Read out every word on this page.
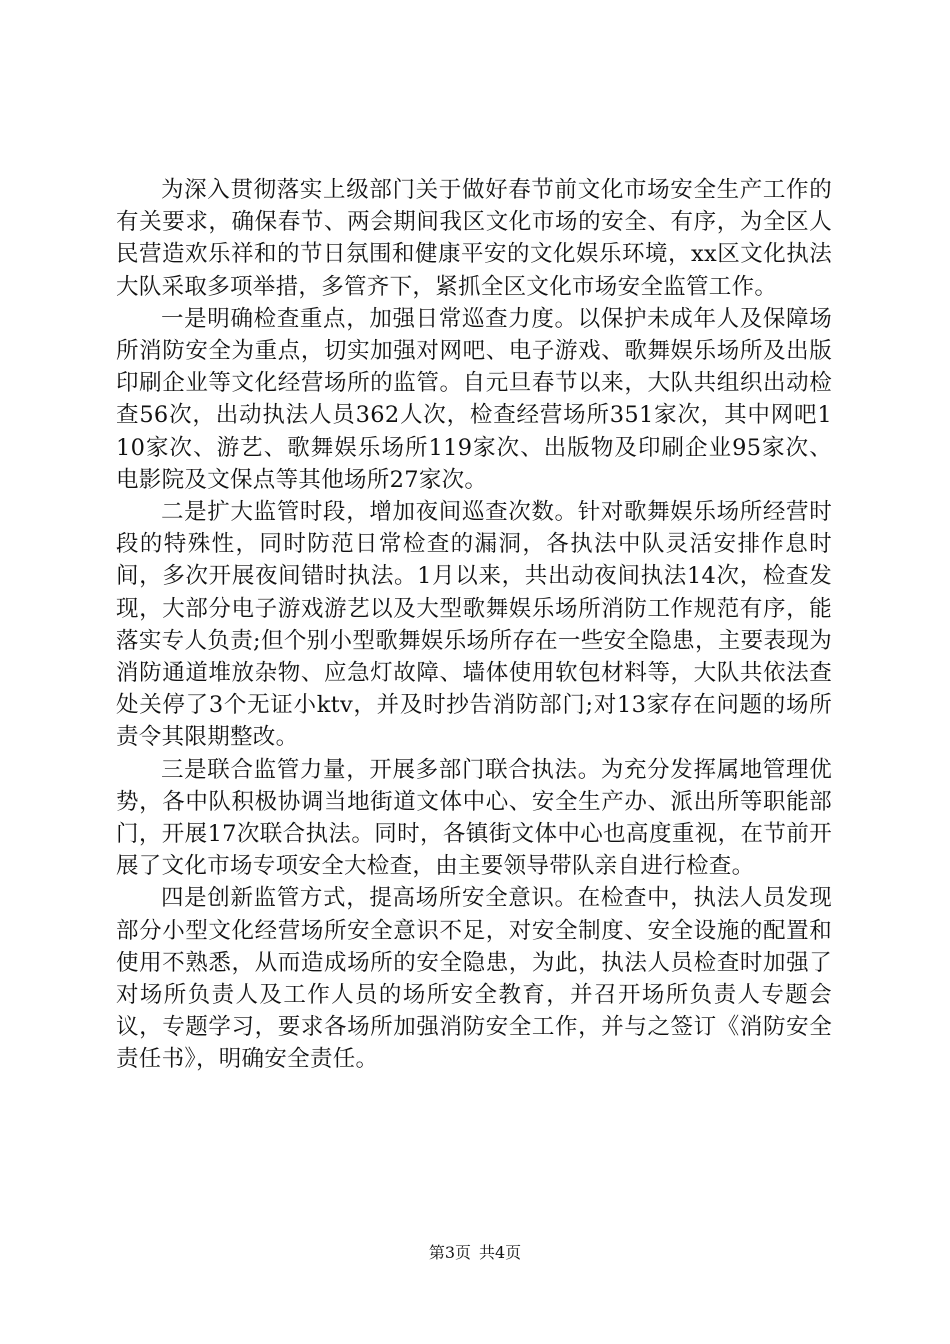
为深入贯彻落实上级部门关于做好春节前文化市场安全生产工作的有关要求，确保春节、两会期间我区文化市场的安全、有序，为全区人民营造欢乐祥和的节日氛围和健康平安的文化娱乐环境，xx区文化执法大队采取多项举措，多管齐下，紧抓全区文化市场安全监管工作。

一是明确检查重点，加强日常巡查力度。以保护未成年人及保障场所消防安全为重点，切实加强对网吧、电子游戏、歌舞娱乐场所及出版印刷企业等文化经营场所的监管。自元旦春节以来，大队共组织出动检查56次，出动执法人员362人次，检查经营场所351家次，其中网吧110家次、游艺、歌舞娱乐场所119家次、出版物及印刷企业95家次、电影院及文保点等其他场所27家次。

二是扩大监管时段，增加夜间巡查次数。针对歌舞娱乐场所经营时段的特殊性，同时防范日常检查的漏洞，各执法中队灵活安排作息时间，多次开展夜间错时执法。1月以来，共出动夜间执法14次，检查发现，大部分电子游戏游艺以及大型歌舞娱乐场所消防工作规范有序，能落实专人负责;但个别小型歌舞娱乐场所存在一些安全隐患，主要表现为消防通道堆放杂物、应急灯故障、墙体使用软包材料等，大队共依法查处关停了3个无证小ktv，并及时抄告消防部门;对13家存在问题的场所责令其限期整改。

三是联合监管力量，开展多部门联合执法。为充分发挥属地管理优势，各中队积极协调当地街道文体中心、安全生产办、派出所等职能部门，开展17次联合执法。同时，各镇街文体中心也高度重视，在节前开展了文化市场专项安全大检查，由主要领导带队亲自进行检查。

四是创新监管方式，提高场所安全意识。在检查中，执法人员发现部分小型文化经营场所安全意识不足，对安全制度、安全设施的配置和使用不熟悉，从而造成场所的安全隐患，为此，执法人员检查时加强了对场所负责人及工作人员的场所安全教育，并召开场所负责人专题会议，专题学习，要求各场所加强消防安全工作，并与之签订《消防安全责任书》，明确安全责任。

第3页 共4页
